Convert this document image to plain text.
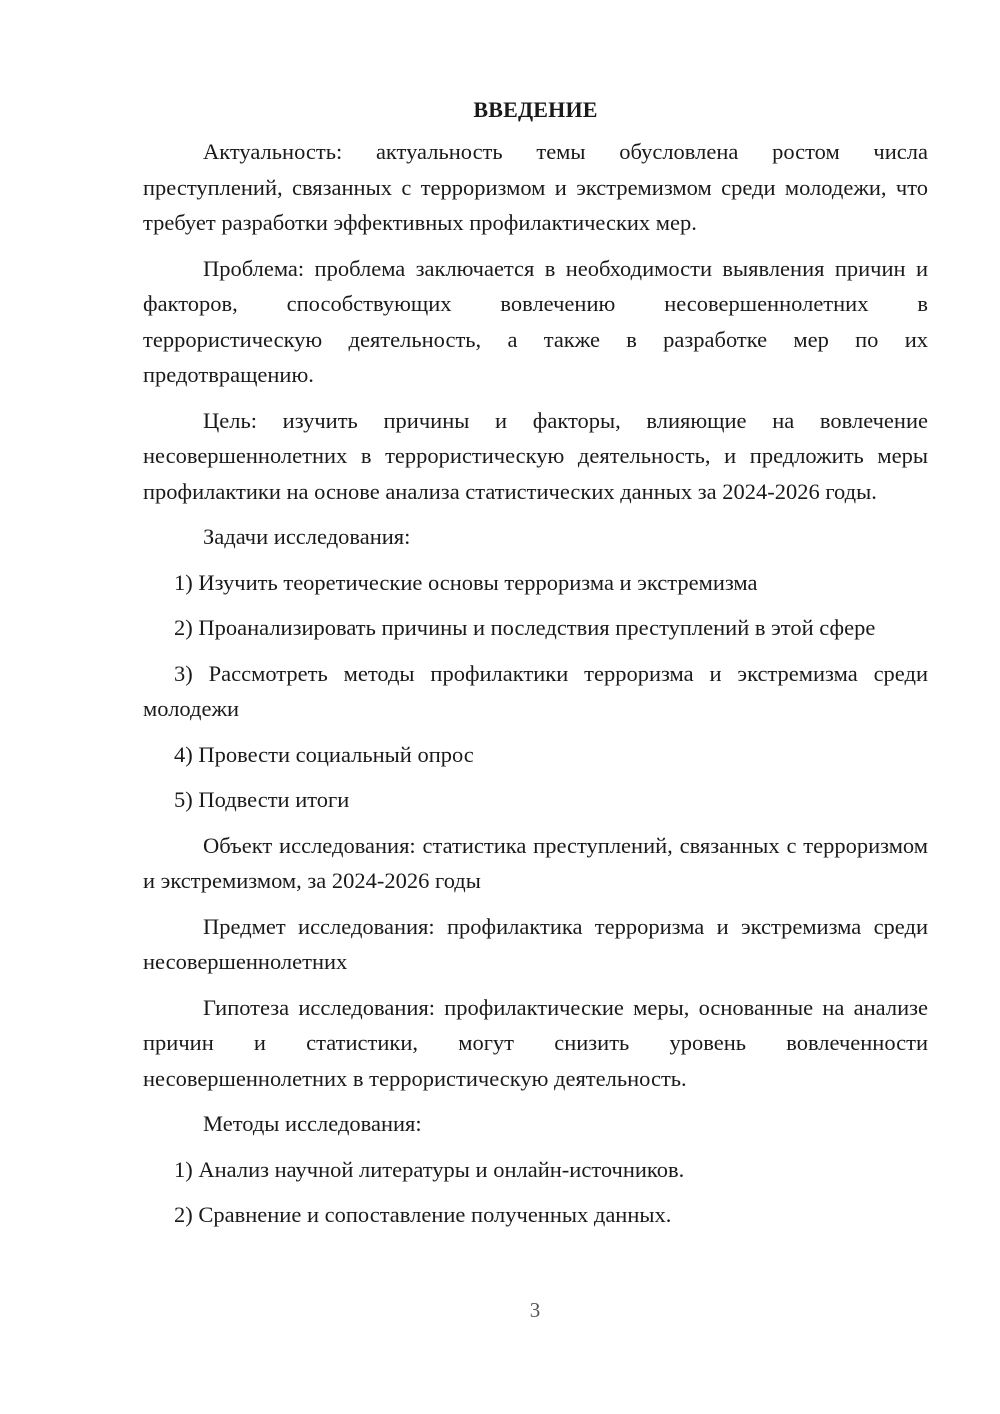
ВВЕДЕНИЕ

Актуальность: актуальность темы обусловлена ростом числа преступлений, связанных с терроризмом и экстремизмом среди молодежи, что требует разработки эффективных профилактических мер.

Проблема: проблема заключается в необходимости выявления причин и факторов, способствующих вовлечению несовершеннолетних в террористическую деятельность, а также в разработке мер по их предотвращению.

Цель: изучить причины и факторы, влияющие на вовлечение несовершеннолетних в террористическую деятельность, и предложить меры профилактики на основе анализа статистических данных за 2024-2026 годы.

Задачи исследования:

1) Изучить теоретические основы терроризма и экстремизма

2) Проанализировать причины и последствия преступлений в этой сфере

3) Рассмотреть методы профилактики терроризма и экстремизма среди молодежи

4) Провести социальный опрос

5) Подвести итоги

Объект исследования: статистика преступлений, связанных с терроризмом и экстремизмом, за 2024-2026 годы

Предмет исследования: профилактика терроризма и экстремизма среди несовершеннолетних

Гипотеза исследования: профилактические меры, основанные на анализе причин и статистики, могут снизить уровень вовлеченности несовершеннолетних в террористическую деятельность.

Методы исследования:

1) Анализ научной литературы и онлайн-источников.

2) Сравнение и сопоставление полученных данных.

3
